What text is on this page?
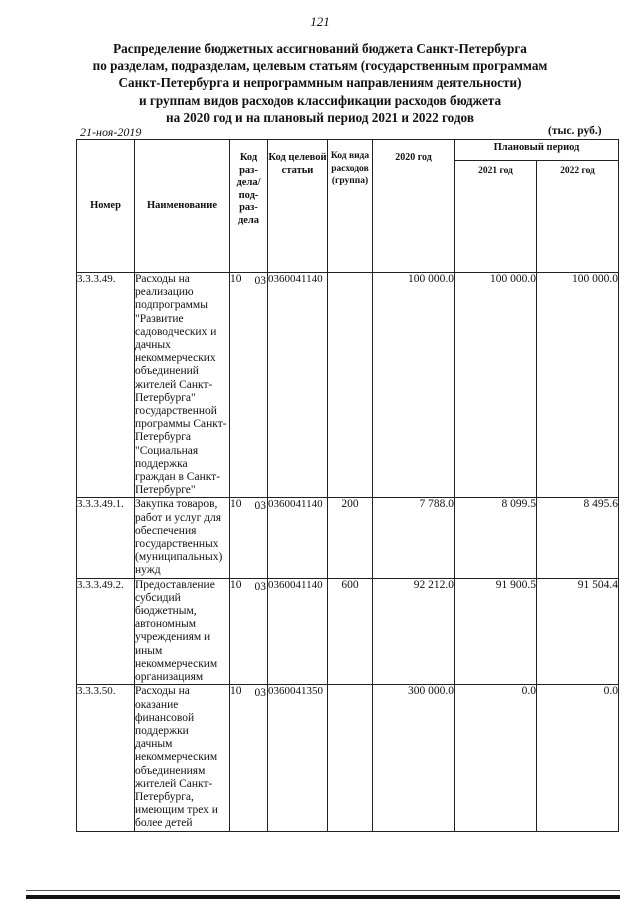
121
Распределение бюджетных ассигнований бюджета Санкт-Петербурга
по разделам, подразделам, целевым статьям (государственным программам
Санкт-Петербурга и непрограммным направлениям деятельности)
и группам видов расходов классификации расходов бюджета
на 2020 год и на плановый период 2021 и 2022 годов
21-ноя-2019	(тыс. руб.)
Номер	Наименование	Код раз-дела/ под-раз-дела	Код целевой статьи	Код вида расходов (группа)	2020 год	Плановый период	
						2021 год	2022 год
3.3.3.49.	Расходы на реализацию подпрограммы "Развитие садоводческих и дачных некоммерческих объединений жителей Санкт-Петербурга" государственной программы Санкт-Петербурга "Социальная поддержка граждан в Санкт-Петербурге"	10 03	0360041140		100 000.0	100 000.0	100 000.0
3.3.3.49.1.	Закупка товаров, работ и услуг для обеспечения государственных (муниципальных) нужд	10 03	0360041140	200	7 788.0	8 099.5	8 495.6
3.3.3.49.2.	Предоставление субсидий бюджетным, автономным учреждениям и иным некоммерческим организациям	10 03	0360041140	600	92 212.0	91 900.5	91 504.4
3.3.3.50.	Расходы на оказание финансовой поддержки дачным некоммерческим объединениям жителей Санкт-Петербурга, имеющим трех и более детей	10 03	0360041350		300 000.0	0.0	0.0
